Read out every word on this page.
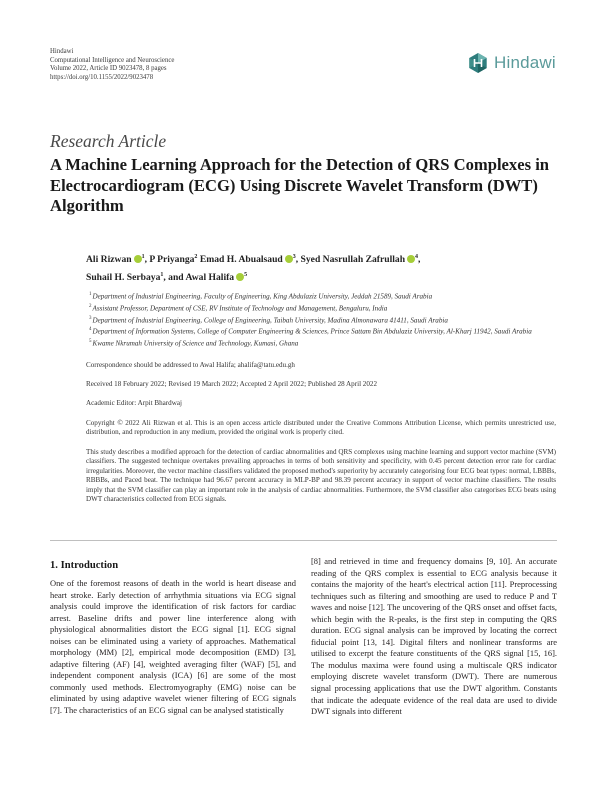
Hindawi
Computational Intelligence and Neuroscience
Volume 2022, Article ID 9023478, 8 pages
https://doi.org/10.1155/2022/9023478
Hindawi
Research Article
A Machine Learning Approach for the Detection of QRS Complexes in Electrocardiogram (ECG) Using Discrete Wavelet Transform (DWT) Algorithm
Ali Rizwan $^1$, P Priyanga$^2$ Emad H. Abualsaud $^3$, Syed Nasrullah Zafrullah $^4$,
Suhail H. Serbaya$^1$, and Awal Halifa $^5$
$^1$Department of Industrial Engineering, Faculty of Engineering, King Abdulaziz University, Jeddah 21589, Saudi Arabia
$^2$Assistant Professor, Department of CSE, RV Institute of Technology and Management, Bengaluru, India
$^3$Department of Industrial Engineering, College of Engineering, Taibah University, Madina Almonawara 41411, Saudi Arabia
$^4$Department of Information Systems, College of Computer Engineering & Sciences, Prince Sattam Bin Abdulaziz University, Al-Kharj 11942, Saudi Arabia
$^5$Kwame Nkrumah University of Science and Technology, Kumasi, Ghana
Correspondence should be addressed to Awal Halifa; ahalifa@tatu.edu.gh
Received 18 February 2022; Revised 19 March 2022; Accepted 2 April 2022; Published 28 April 2022
Academic Editor: Arpit Bhardwaj
Copyright © 2022 Ali Rizwan et al. This is an open access article distributed under the Creative Commons Attribution License, which permits unrestricted use, distribution, and reproduction in any medium, provided the original work is properly cited.
This study describes a modified approach for the detection of cardiac abnormalities and QRS complexes using machine learning and support vector machine (SVM) classifiers. The suggested technique overtakes prevailing approaches in terms of both sensitivity and specificity, with 0.45 percent detection error rate for cardiac irregularities. Moreover, the vector machine classifiers validated the proposed method's superiority by accurately categorising four ECG beat types: normal, LBBBs, RBBBs, and Paced beat. The technique had 96.67 percent accuracy in MLP-BP and 98.39 percent accuracy in support of vector machine classifiers. The results imply that the SVM classifier can play an important role in the analysis of cardiac abnormalities. Furthermore, the SVM classifier also categorises ECG beats using DWT characteristics collected from ECG signals.
1. Introduction
One of the foremost reasons of death in the world is heart disease and heart stroke. Early detection of arrhythmia situations via ECG signal analysis could improve the identification of risk factors for cardiac arrest. Baseline drifts and power line interference along with physiological abnormalities distort the ECG signal [1]. ECG signal noises can be eliminated using a variety of approaches. Mathematical morphology (MM) [2], empirical mode decomposition (EMD) [3], adaptive filtering (AF) [4], weighted averaging filter (WAF) [5], and independent component analysis (ICA) [6] are some of the most commonly used methods. Electromyography (EMG) noise can be eliminated by using adaptive wavelet wiener filtering of ECG signals [7]. The characteristics of an ECG signal can be analysed statistically
[8] and retrieved in time and frequency domains [9, 10]. An accurate reading of the QRS complex is essential to ECG analysis because it contains the majority of the heart's electrical action [11]. Preprocessing techniques such as filtering and smoothing are used to reduce P and T waves and noise [12]. The uncovering of the QRS onset and offset facts, which begin with the R-peaks, is the first step in computing the QRS duration. ECG signal analysis can be improved by locating the correct fiducial point [13, 14]. Digital filters and nonlinear transforms are utilised to excerpt the feature constituents of the QRS signal [15, 16]. The modulus maxima were found using a multiscale QRS indicator employing discrete wavelet transform (DWT). There are numerous signal processing applications that use the DWT algorithm. Constants that indicate the adequate evidence of the real data are used to divide DWT signals into different
